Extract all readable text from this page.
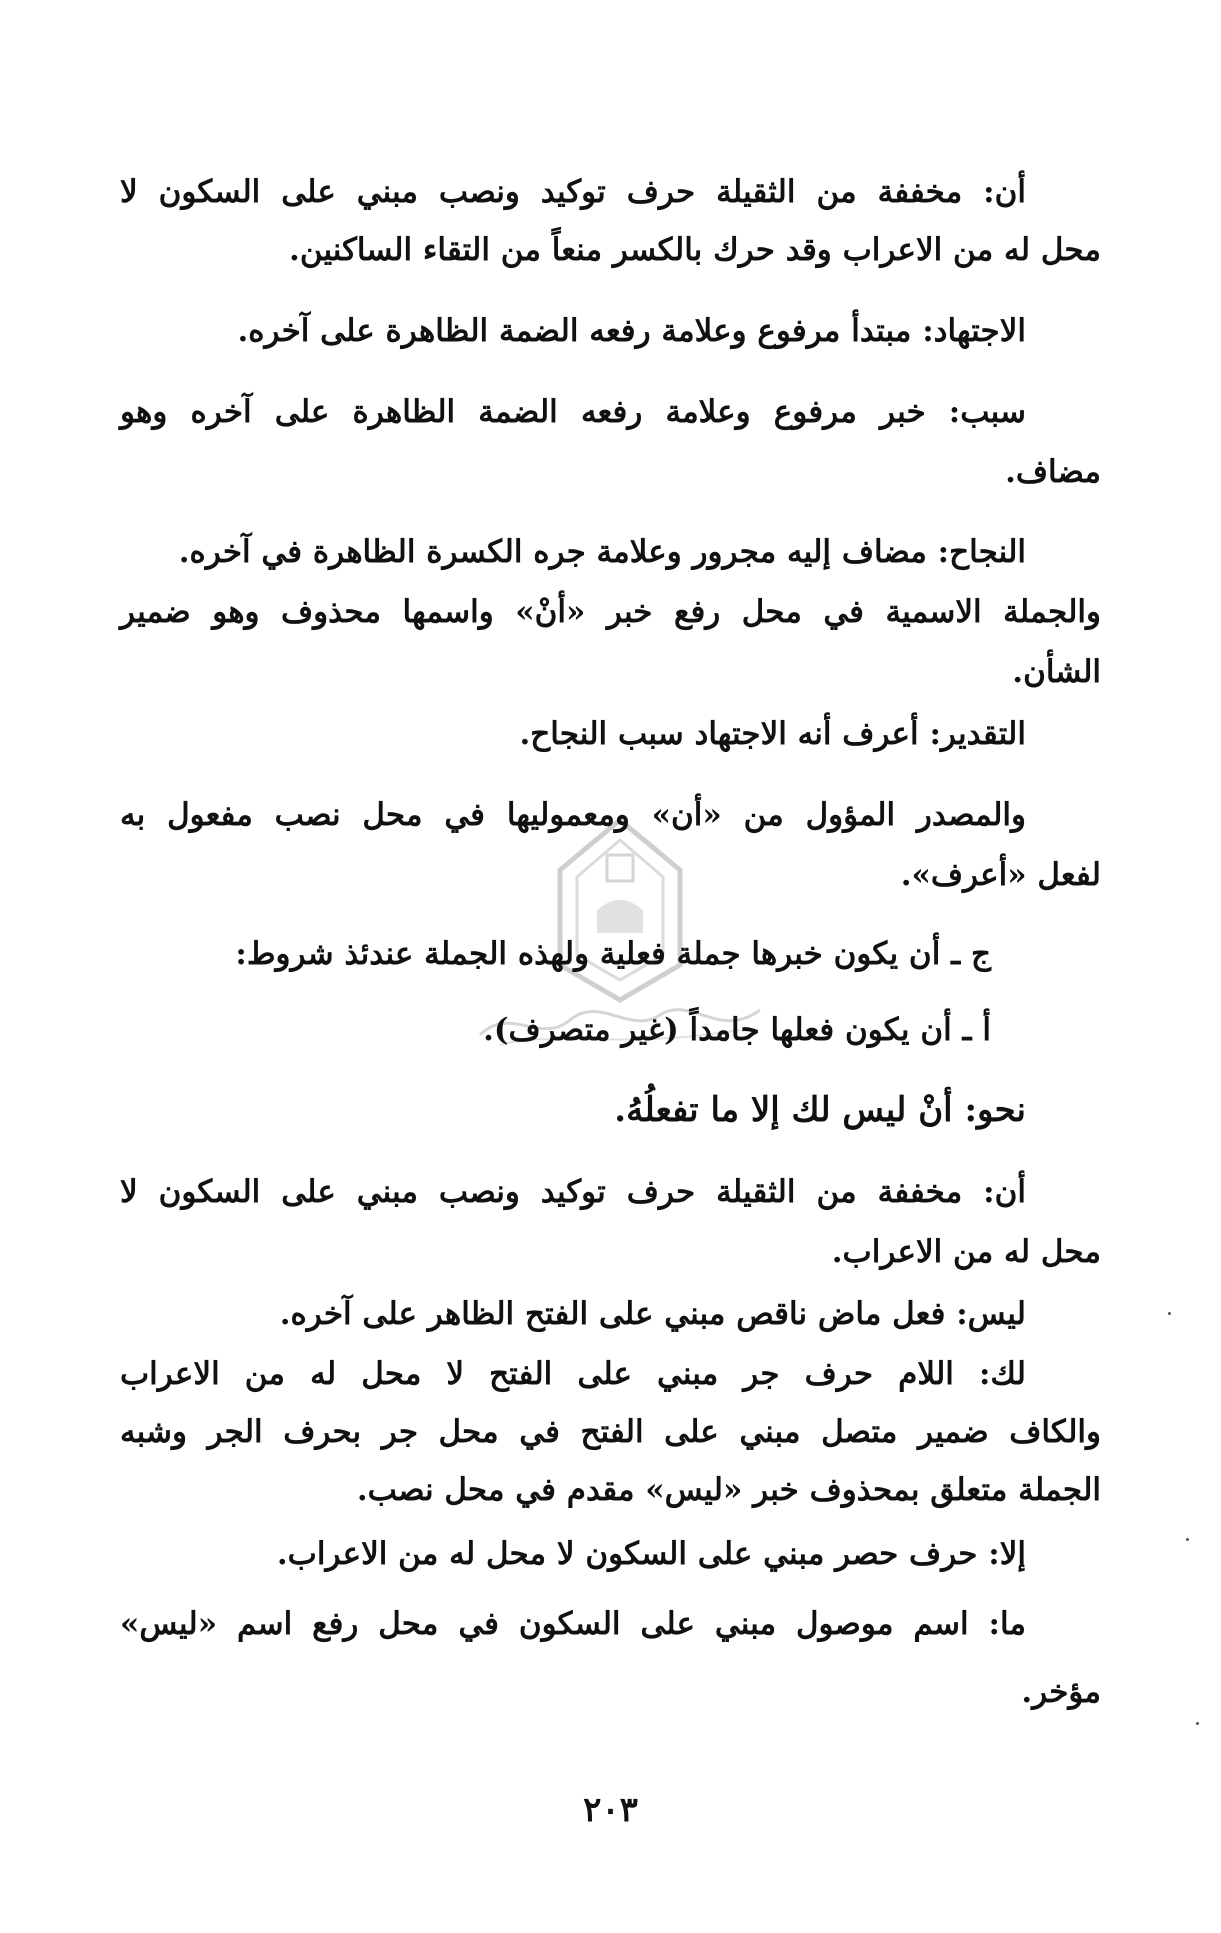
أن: مخففة من الثقيلة حرف توكيد ونصب مبني على السكون لا
محل له من الاعراب وقد حرك بالكسر منعاً من التقاء الساكنين.
الاجتهاد: مبتدأ مرفوع وعلامة رفعه الضمة الظاهرة على آخره.
سبب: خبر مرفوع وعلامة رفعه الضمة الظاهرة على آخره وهو
مضاف.
النجاح: مضاف إليه مجرور وعلامة جره الكسرة الظاهرة في آخره.
والجملة الاسمية في محل رفع خبر «أنْ» واسمها محذوف وهو ضمير
الشأن.
التقدير: أعرف أنه الاجتهاد سبب النجاح.
والمصدر المؤول من «أن» ومعموليها في محل نصب مفعول به
لفعل «أعرف».
ج ـ أن يكون خبرها جملة فعلية ولهذه الجملة عندئذ شروط:
أ ـ أن يكون فعلها جامداً (غير متصرف).
نحو: أنْ ليس لك إلا ما تفعلُهُ.
أن: مخففة من الثقيلة حرف توكيد ونصب مبني على السكون لا
محل له من الاعراب.
ليس: فعل ماض ناقص مبني على الفتح الظاهر على آخره.
لك: اللام حرف جر مبني على الفتح لا محل له من الاعراب
والكاف ضمير متصل مبني على الفتح في محل جر بحرف الجر وشبه
الجملة متعلق بمحذوف خبر «ليس» مقدم في محل نصب.
إلا: حرف حصر مبني على السكون لا محل له من الاعراب.
ما: اسم موصول مبني على السكون في محل رفع اسم «ليس»
مؤخر.
٢٠٣
